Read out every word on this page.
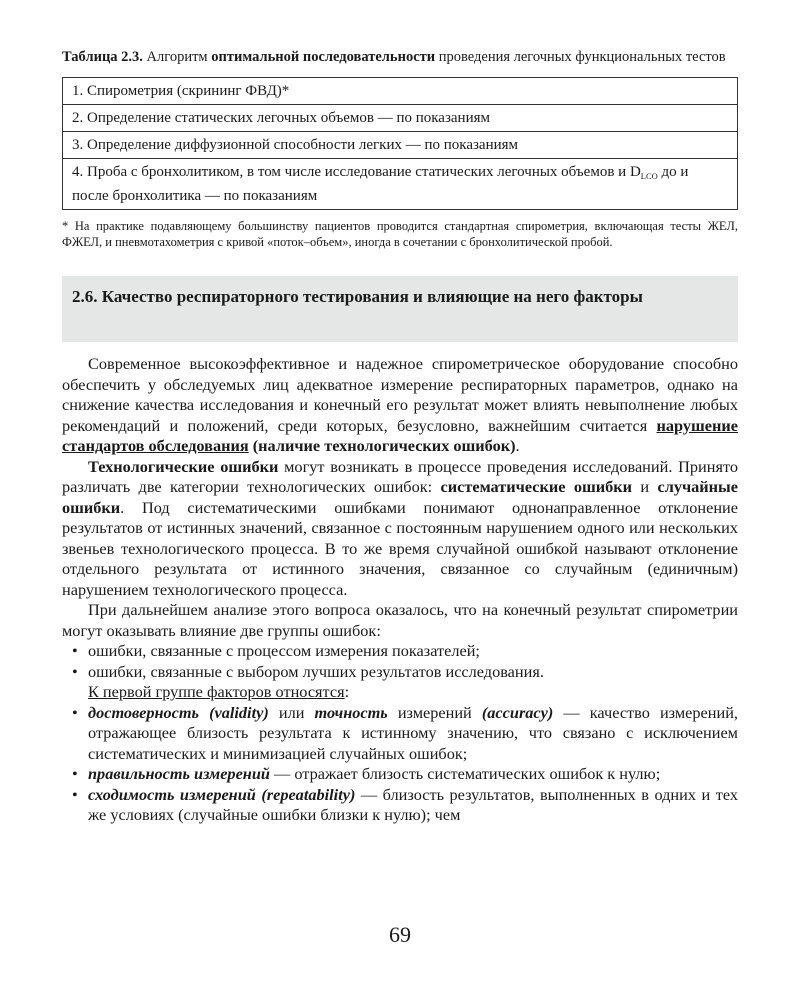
Таблица 2.3. Алгоритм оптимальной последовательности проведения легочных функциональных тестов

1. Спирометрия (скрининг ФВД)*
2. Определение статических легочных объемов — по показаниям
3. Определение диффузионной способности легких — по показаниям
4. Проба с бронхолитиком, в том числе исследование статических легочных объемов и $D_{LCO}$ до и после бронхолитика — по показаниям
* На практике подавляющему большинству пациентов проводится стандартная спирометрия, включающая тесты ЖЕЛ, ФЖЕЛ, и пневмотахометрия с кривой «поток–объем», иногда в сочетании с бронхолитической пробой.
2.6. Качество респираторного тестирования и влияющие на него факторы

Современное высокоэффективное и надежное спирометрическое оборудование способно обеспечить у обследуемых лиц адекватное измерение респираторных параметров, однако на снижение качества исследования и конечный его результат может влиять невыполнение любых рекомендаций и положений, среди которых, безусловно, важнейшим считается нарушение стандартов обследования (наличие технологических ошибок).

Технологические ошибки могут возникать в процессе проведения исследований. Принято различать две категории технологических ошибок: систематические ошибки и случайные ошибки. Под систематическими ошибками понимают однонаправленное отклонение результатов от истинных значений, связанное с постоянным нарушением одного или нескольких звеньев технологического процесса. В то же время случайной ошибкой называют отклонение отдельного результата от истинного значения, связанное со случайным (единичным) нарушением технологического процесса.

При дальнейшем анализе этого вопроса оказалось, что на конечный результат спирометрии могут оказывать влияние две группы ошибок:

• ошибки, связанные с процессом измерения показателей;
• ошибки, связанные с выбором лучших результатов исследования.

К первой группе факторов относятся:

• достоверность (validity) или точность измерений (accuracy) — качество измерений, отражающее близость результата к истинному значению, что связано с исключением систематических и минимизацией случайных ошибок;
• правильность измерений — отражает близость систематических ошибок к нулю;
• сходимость измерений (repeatability) — близость результатов, выполненных в одних и тех же условиях (случайные ошибки близки к нулю); чем
69
